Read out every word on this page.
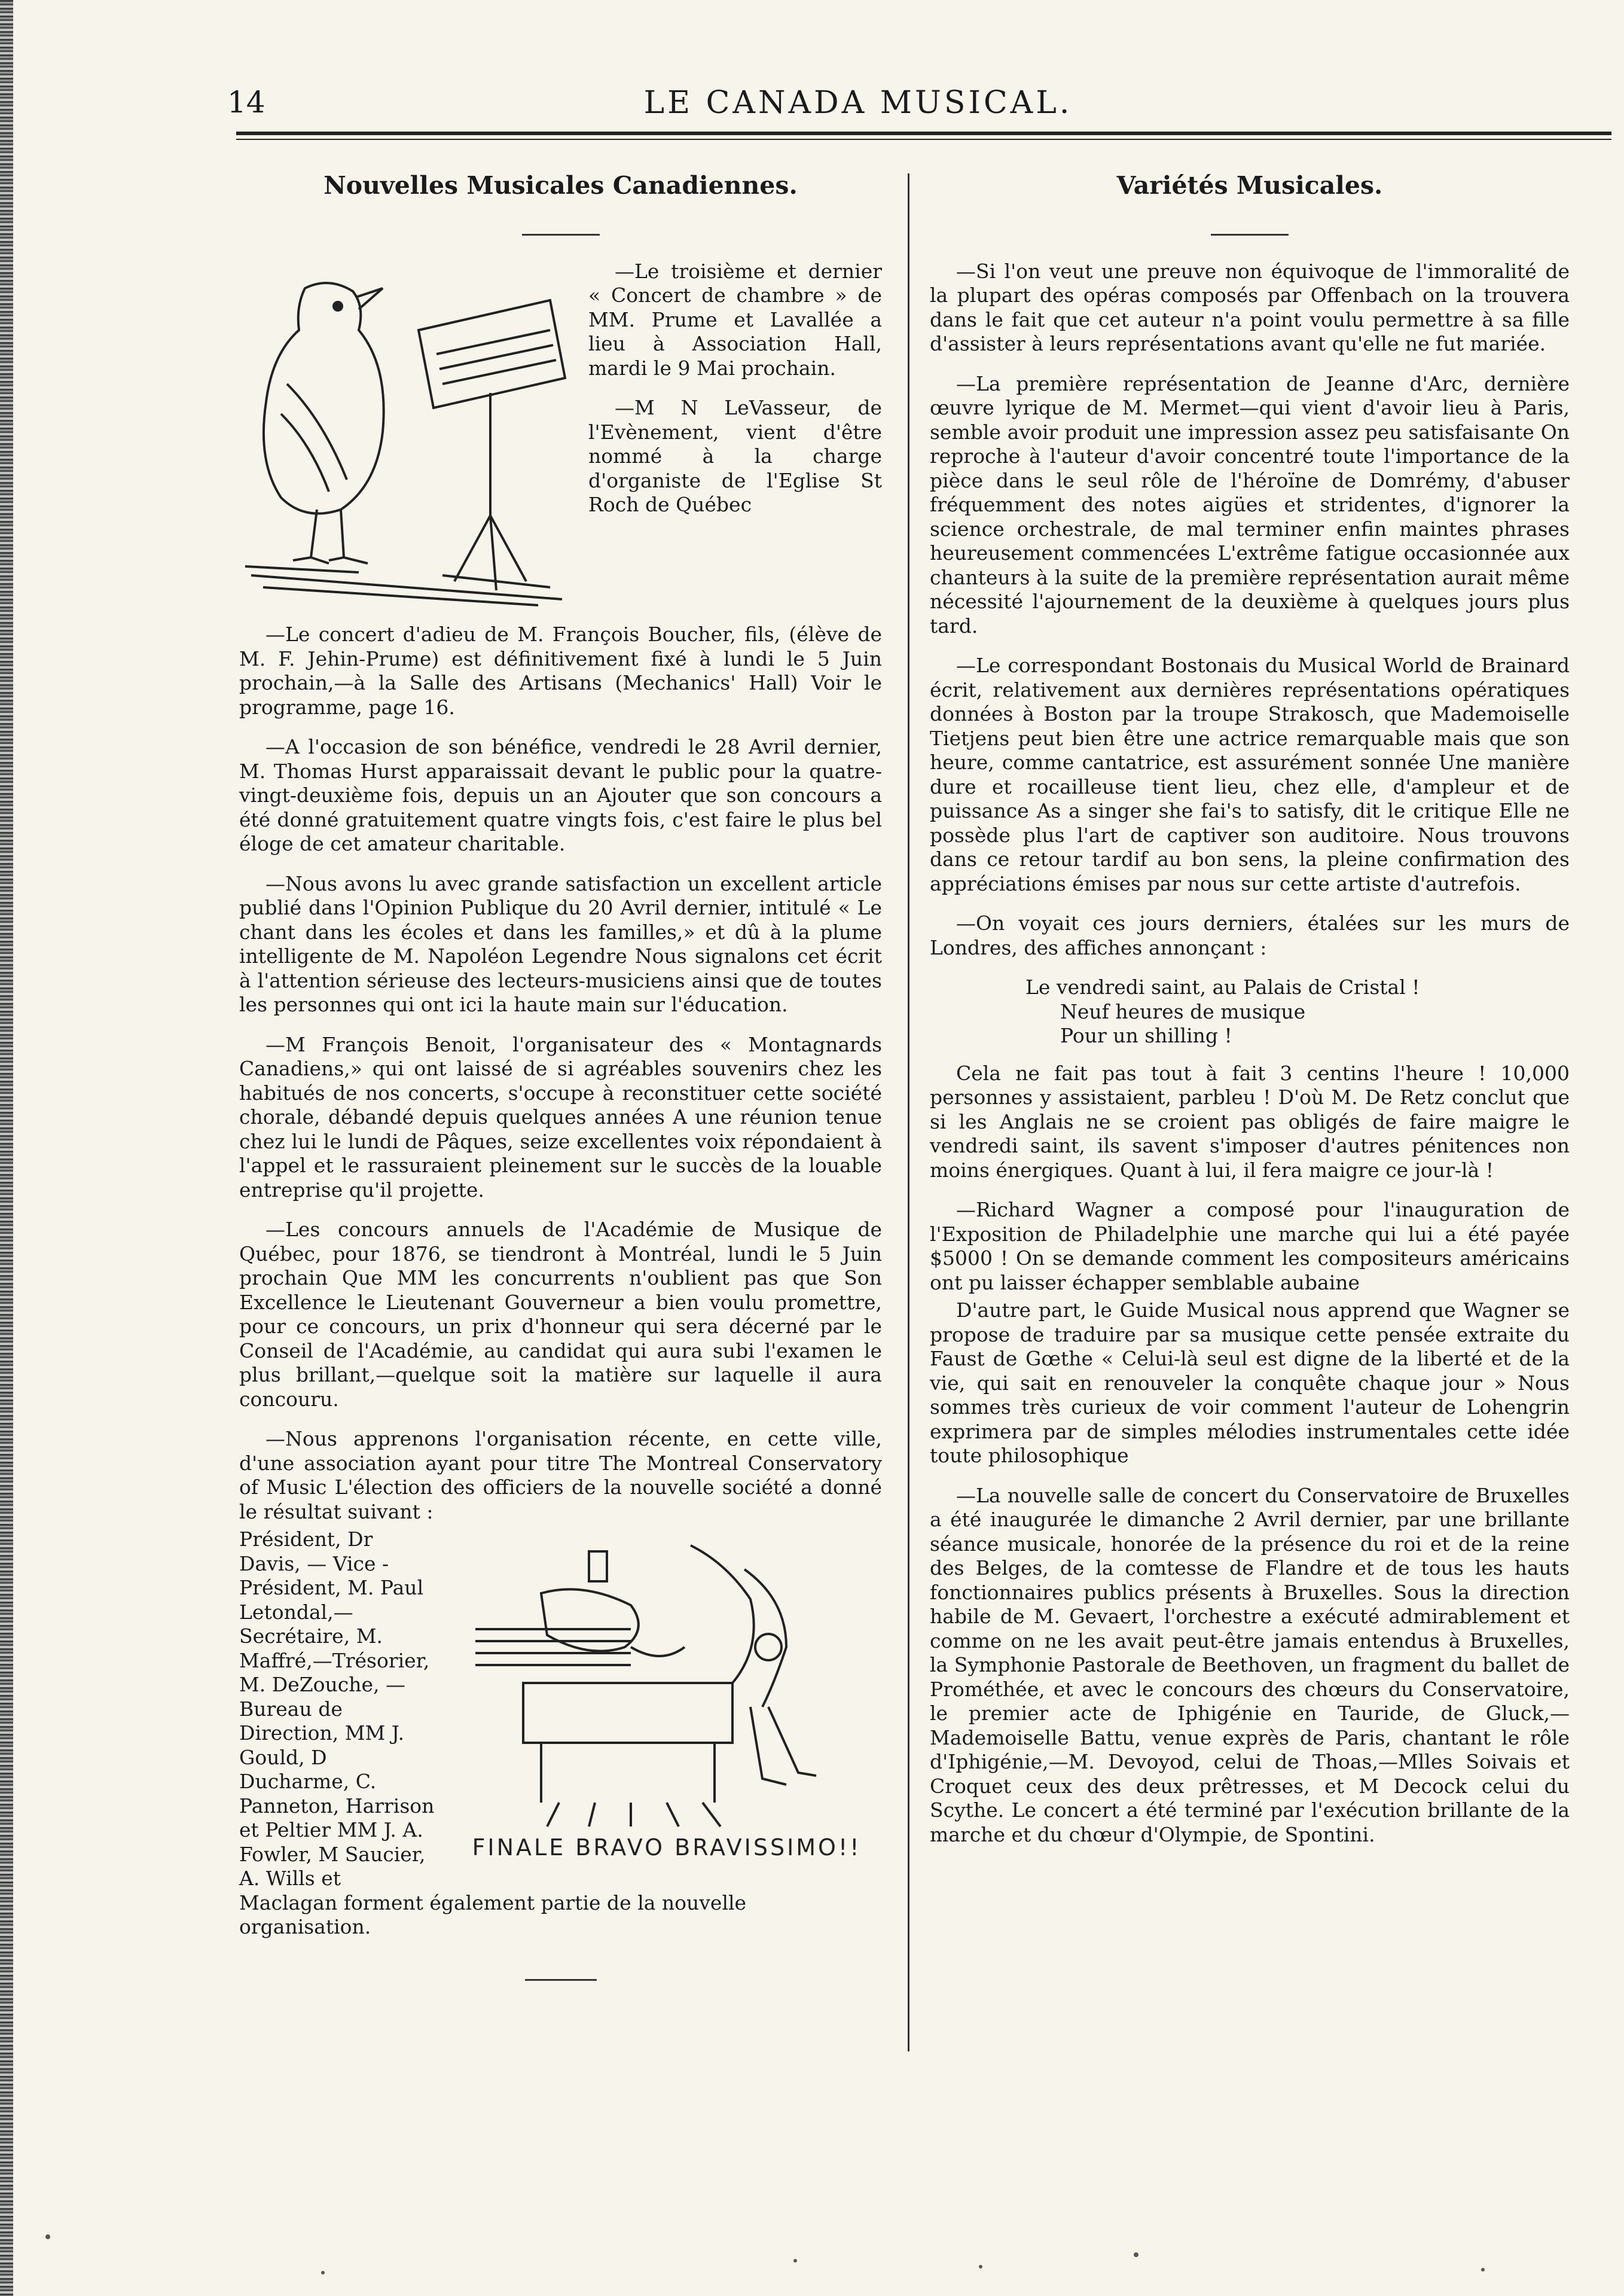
14	LE CANADA MUSICAL.
Nouvelles Musicales Canadiennes.

—Le troisième et dernier « Concert de chambre » de MM. Prume et Lavallée a lieu à Association Hall, mardi le 9 Mai prochain.

—M N LeVasseur, de l'Evènement, vient d'être nommé à la charge d'organiste de l'Eglise St Roch de Québec

—Le concert d'adieu de M. François Boucher, fils, (élève de M. F. Jehin-Prume) est définitivement fixé à lundi le 5 Juin prochain,—à la Salle des Artisans (Mechanics' Hall) Voir le programme, page 16.

—A l'occasion de son bénéfice, vendredi le 28 Avril dernier, M. Thomas Hurst apparaissait devant le public pour la quatre-vingt-deuxième fois, depuis un an Ajouter que son concours a été donné gratuitement quatre vingts fois, c'est faire le plus bel éloge de cet amateur charitable.

—Nous avons lu avec grande satisfaction un excellent article publié dans l'Opinion Publique du 20 Avril dernier, intitulé « Le chant dans les écoles et dans les familles,» et dû à la plume intelligente de M. Napoléon Legendre Nous signalons cet écrit à l'attention sérieuse des lecteurs-musiciens ainsi que de toutes les personnes qui ont ici la haute main sur l'éducation.

—M François Benoit, l'organisateur des « Montagnards Canadiens,» qui ont laissé de si agréables souvenirs chez les habitués de nos concerts, s'occupe à reconstituer cette société chorale, débandé depuis quelques années A une réunion tenue chez lui le lundi de Pâques, seize excellentes voix répondaient à l'appel et le rassuraient pleinement sur le succès de la louable entreprise qu'il projette.

—Les concours annuels de l'Académie de Musique de Québec, pour 1876, se tiendront à Montréal, lundi le 5 Juin prochain Que MM les concurrents n'oublient pas que Son Excellence le Lieutenant Gouverneur a bien voulu promettre, pour ce concours, un prix d'honneur qui sera décerné par le Conseil de l'Académie, au candidat qui aura subi l'examen le plus brillant,—quelque soit la matière sur laquelle il aura concouru.

—Nous apprenons l'organisation récente, en cette ville, d'une association ayant pour titre The Montreal Conservatory of Music L'élection des officiers de la nouvelle société a donné le résultat suivant :

FINALE BRAVO BRAVISSIMO!!

Président, Dr Davis, — Vice - Président, M. Paul Letondal,—Secrétaire, M. Maffré,—Trésorier, M. DeZouche, —Bureau de Direction, MM J. Gould, D Ducharme, C. Panneton, Harrison et Peltier MM J. A. Fowler, M Saucier, A. Wills et Maclagan forment également partie de la nouvelle organisation.

Variétés Musicales.

—Si l'on veut une preuve non équivoque de l'immoralité de la plupart des opéras composés par Offenbach on la trouvera dans le fait que cet auteur n'a point voulu permettre à sa fille d'assister à leurs représentations avant qu'elle ne fut mariée.

—La première représentation de Jeanne d'Arc, dernière œuvre lyrique de M. Mermet—qui vient d'avoir lieu à Paris, semble avoir produit une impression assez peu satisfaisante On reproche à l'auteur d'avoir concentré toute l'importance de la pièce dans le seul rôle de l'héroïne de Domrémy, d'abuser fréquemment des notes aigües et stridentes, d'ignorer la science orchestrale, de mal terminer enfin maintes phrases heureusement commencées L'extrême fatigue occasionnée aux chanteurs à la suite de la première représentation aurait même nécessité l'ajournement de la deuxième à quelques jours plus tard.

—Le correspondant Bostonais du Musical World de Brainard écrit, relativement aux dernières représentations opératiques données à Boston par la troupe Strakosch, que Mademoiselle Tietjens peut bien être une actrice remarquable mais que son heure, comme cantatrice, est assurément sonnée Une manière dure et rocailleuse tient lieu, chez elle, d'ampleur et de puissance As a singer she fai's to satisfy, dit le critique Elle ne possède plus l'art de captiver son auditoire. Nous trouvons dans ce retour tardif au bon sens, la pleine confirmation des appréciations émises par nous sur cette artiste d'autrefois.

—On voyait ces jours derniers, étalées sur les murs de Londres, des affiches annonçant :

Le vendredi saint, au Palais de Cristal !
Neuf heures de musique
Pour un shilling !

Cela ne fait pas tout à fait 3 centins l'heure ! 10,000 personnes y assistaient, parbleu ! D'où M. De Retz conclut que si les Anglais ne se croient pas obligés de faire maigre le vendredi saint, ils savent s'imposer d'autres pénitences non moins énergiques. Quant à lui, il fera maigre ce jour-là !

—Richard Wagner a composé pour l'inauguration de l'Exposition de Philadelphie une marche qui lui a été payée $5000 ! On se demande comment les compositeurs américains ont pu laisser échapper semblable aubaine

D'autre part, le Guide Musical nous apprend que Wagner se propose de traduire par sa musique cette pensée extraite du Faust de Gœthe « Celui-là seul est digne de la liberté et de la vie, qui sait en renouveler la conquête chaque jour » Nous sommes très curieux de voir comment l'auteur de Lohengrin exprimera par de simples mélodies instrumentales cette idée toute philosophique

—La nouvelle salle de concert du Conservatoire de Bruxelles a été inaugurée le dimanche 2 Avril dernier, par une brillante séance musicale, honorée de la présence du roi et de la reine des Belges, de la comtesse de Flandre et de tous les hauts fonctionnaires publics présents à Bruxelles. Sous la direction habile de M. Gevaert, l'orchestre a exécuté admirablement et comme on ne les avait peut-être jamais entendus à Bruxelles, la Symphonie Pastorale de Beethoven, un fragment du ballet de Prométhée, et avec le concours des chœurs du Conservatoire, le premier acte de Iphigénie en Tauride, de Gluck,—Mademoiselle Battu, venue exprès de Paris, chantant le rôle d'Iphigénie,—M. Devoyod, celui de Thoas,—Mlles Soivais et Croquet ceux des deux prêtresses, et M Decock celui du Scythe. Le concert a été terminé par l'exécution brillante de la marche et du chœur d'Olympie, de Spontini.
